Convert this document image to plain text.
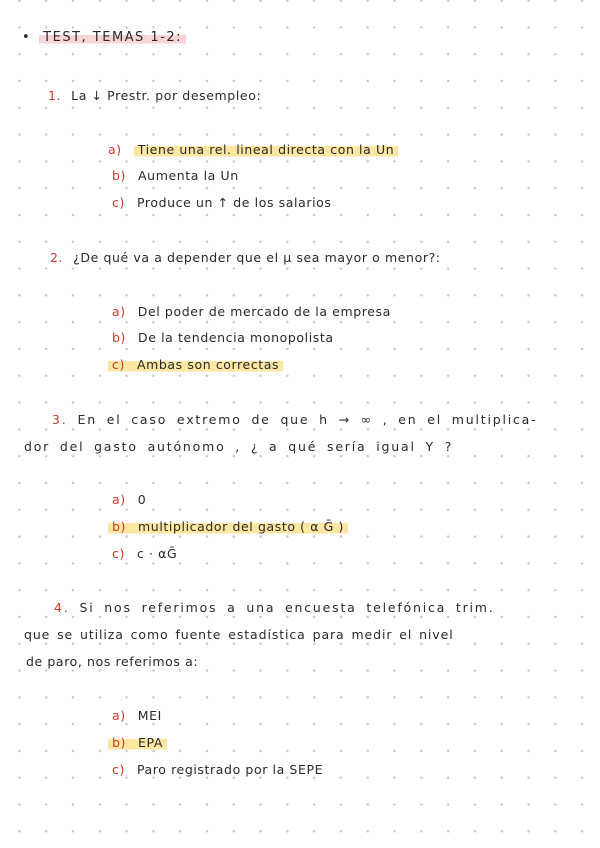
• TEST, TEMAS 1-2:
1. La ↓ Prestr. por desempleo:
a) Tiene una rel. lineal directa con la Un
b) Aumenta la Un
c) Produce un ↑ de los salarios
2. ¿De qué va a depender que el μ sea mayor o menor?:
a) Del poder de mercado de la empresa
b) De la tendencia monopolista
c) Ambas son correctas
3. En el caso extremo de que h → ∞ , en el multiplica-
dor del gasto autónomo , ¿ a qué sería igual Y ?
a) 0
b) multiplicador del gasto ( α Ḡ )
c) c · αḠ
4. Si nos referimos a una encuesta telefónica trim.
que se utiliza como fuente estadística para medir el nivel
de paro, nos referimos a:
a) MEI
b) EPA
c) Paro registrado por la SEPE
